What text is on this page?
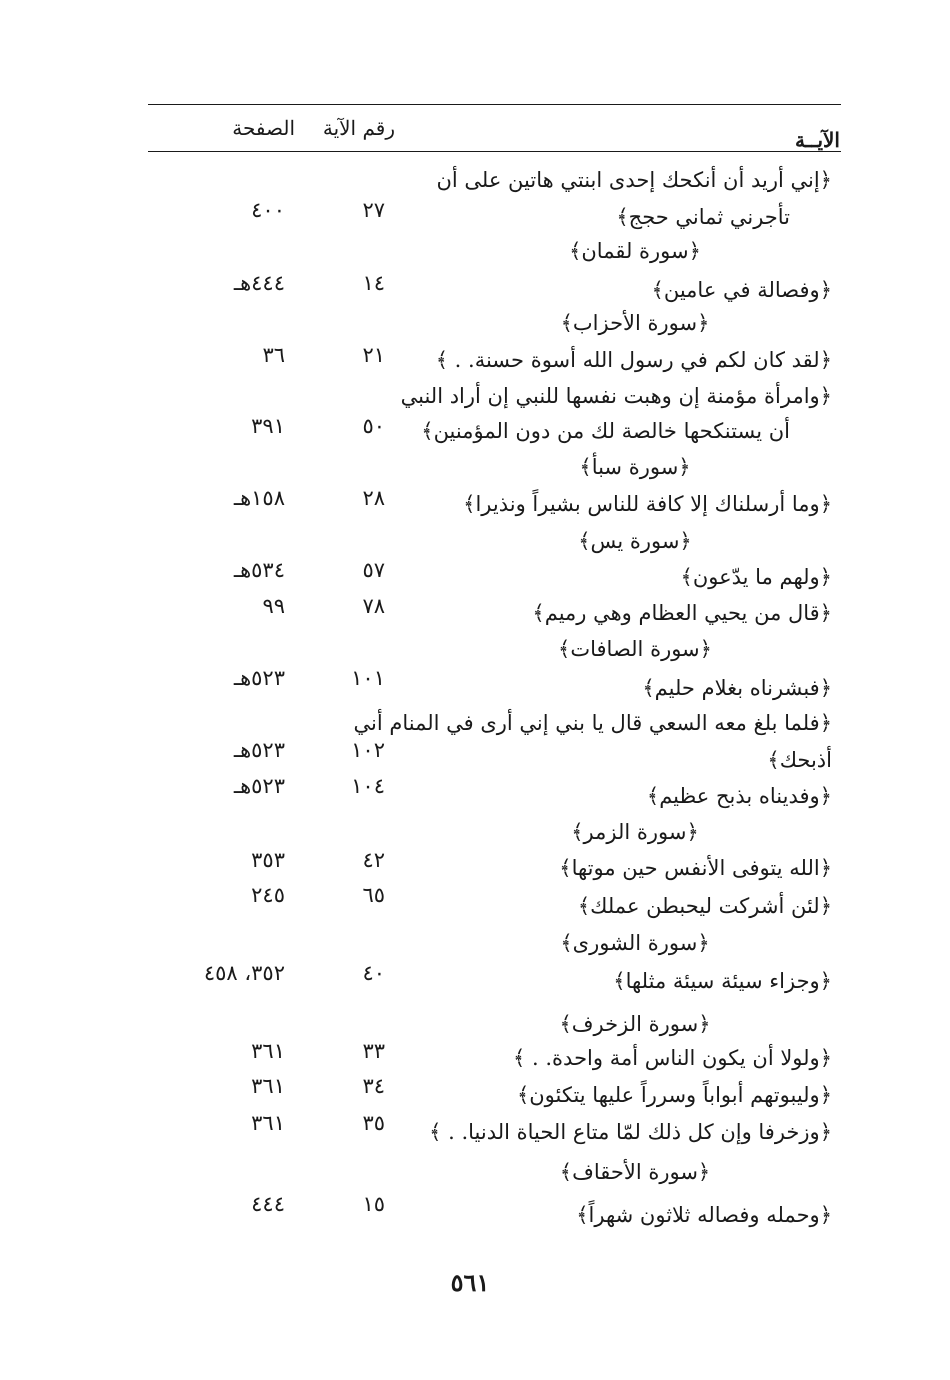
الآيــة
رقم الآية
الصفحة
﴿إني أريد أن أنكحك إحدى ابنتي هاتين على أن
تأجرني ثماني حجج﴾
٢٧
٤٠٠
﴿سورة لقمان﴾
﴿وفصالة في عامين﴾
١٤
٤٤٤هـ
﴿سورة الأحزاب﴾
﴿لقد كان لكم في رسول الله أسوة حسنة. . ﴾
٢١
٣٦
﴿وامرأة مؤمنة إن وهبت نفسها للنبي إن أراد النبي
أن يستنكحها خالصة لك من دون المؤمنين﴾
٥٠
٣٩١
﴿سورة سبأ﴾
﴿وما أرسلناك إلا كافة للناس بشيراً ونذيرا﴾
٢٨
١٥٨هـ
﴿سورة يس﴾
﴿ولهم ما يدّعون﴾
٥٧
٥٣٤هـ
﴿قال من يحيي العظام وهي رميم﴾
٧٨
٩٩
﴿سورة الصافات﴾
﴿فبشرناه بغلام حليم﴾
١٠١
٥٢٣هـ
﴿فلما بلغ معه السعي قال يا بني إني أرى في المنام أني
أذبحك﴾
١٠٢
٥٢٣هـ
﴿وفديناه بذبح عظيم﴾
١٠٤
٥٢٣هـ
﴿سورة الزمر﴾
﴿الله يتوفى الأنفس حين موتها﴾
٤٢
٣٥٣
﴿لئن أشركت ليحبطن عملك﴾
٦٥
٢٤٥
﴿سورة الشورى﴾
﴿وجزاء سيئة سيئة مثلها﴾
٤٠
٣٥٢، ٤٥٨
﴿سورة الزخرف﴾
﴿ولولا أن يكون الناس أمة واحدة. . ﴾
٣٣
٣٦١
﴿وليبوتهم أبواباً وسرراً عليها يتكئون﴾
٣٤
٣٦١
﴿وزخرفا وإن كل ذلك لمّا متاع الحياة الدنيا. . ﴾
٣٥
٣٦١
﴿سورة الأحقاف﴾
﴿وحمله وفصاله ثلاثون شهراً﴾
١٥
٤٤٤
٥٦١
